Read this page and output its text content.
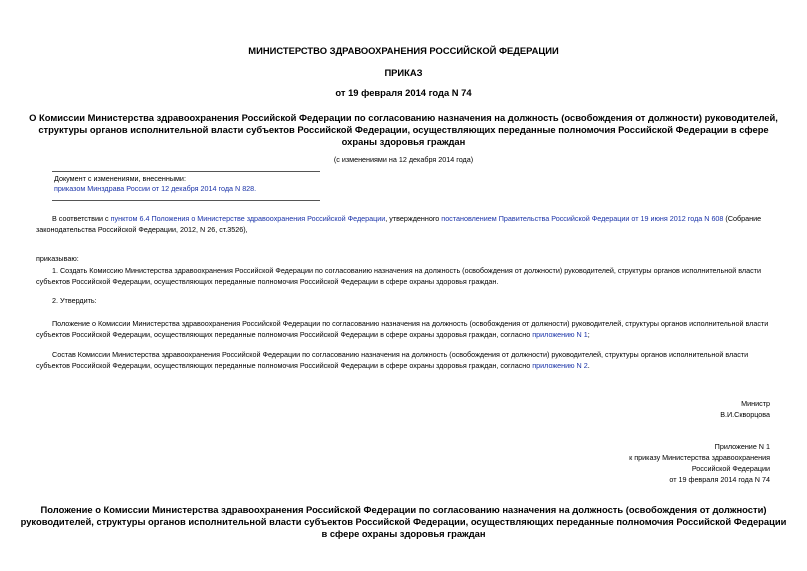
МИНИСТЕРСТВО ЗДРАВООХРАНЕНИЯ РОССИЙСКОЙ ФЕДЕРАЦИИ
ПРИКАЗ
от 19 февраля 2014 года N 74
О Комиссии Министерства здравоохранения Российской Федерации по согласованию назначения на должность (освобождения от должности) руководителей,
структуры органов исполнительной власти субъектов Российской Федерации, осуществляющих переданные полномочия Российской Федерации в сфере
охраны здоровья граждан
(с изменениями на 12 декабря 2014 года)
Документ с изменениями, внесенными:
приказом Минздрава России от 12 декабря 2014 года N 828.
В соответствии с пунктом 6.4 Положения о Министерстве здравоохранения Российской Федерации, утвержденного постановлением Правительства Российской Федерации от 19 июня 2012 года N 608 (Собрание законодательства Российской Федерации, 2012, N 26, ст.3526),
приказываю:
1. Создать Комиссию Министерства здравоохранения Российской Федерации по согласованию назначения на должность (освобождения от должности) руководителей, структуры органов исполнительной власти субъектов Российской Федерации, осуществляющих переданные полномочия Российской Федерации в сфере охраны здоровья граждан.
2. Утвердить:
Положение о Комиссии Министерства здравоохранения Российской Федерации по согласованию назначения на должность (освобождения от должности) руководителей, структуры органов исполнительной власти субъектов Российской Федерации, осуществляющих переданные полномочия Российской Федерации в сфере охраны здоровья граждан, согласно приложению N 1;
Состав Комиссии Министерства здравоохранения Российской Федерации по согласованию назначения на должность (освобождения от должности) руководителей, структуры органов исполнительной власти субъектов Российской Федерации, осуществляющих переданные полномочия Российской Федерации в сфере охраны здоровья граждан, согласно приложению N 2.
Министр
В.И.Скворцова
Приложение N 1
к приказу Министерства здравоохранения
Российской Федерации
от 19 февраля 2014 года N 74
Положение о Комиссии Министерства здравоохранения Российской Федерации по согласованию назначения на должность (освобождения от должности)
руководителей, структуры органов исполнительной власти субъектов Российской Федерации, осуществляющих переданные полномочия Российской Федерации
в сфере охраны здоровья граждан
